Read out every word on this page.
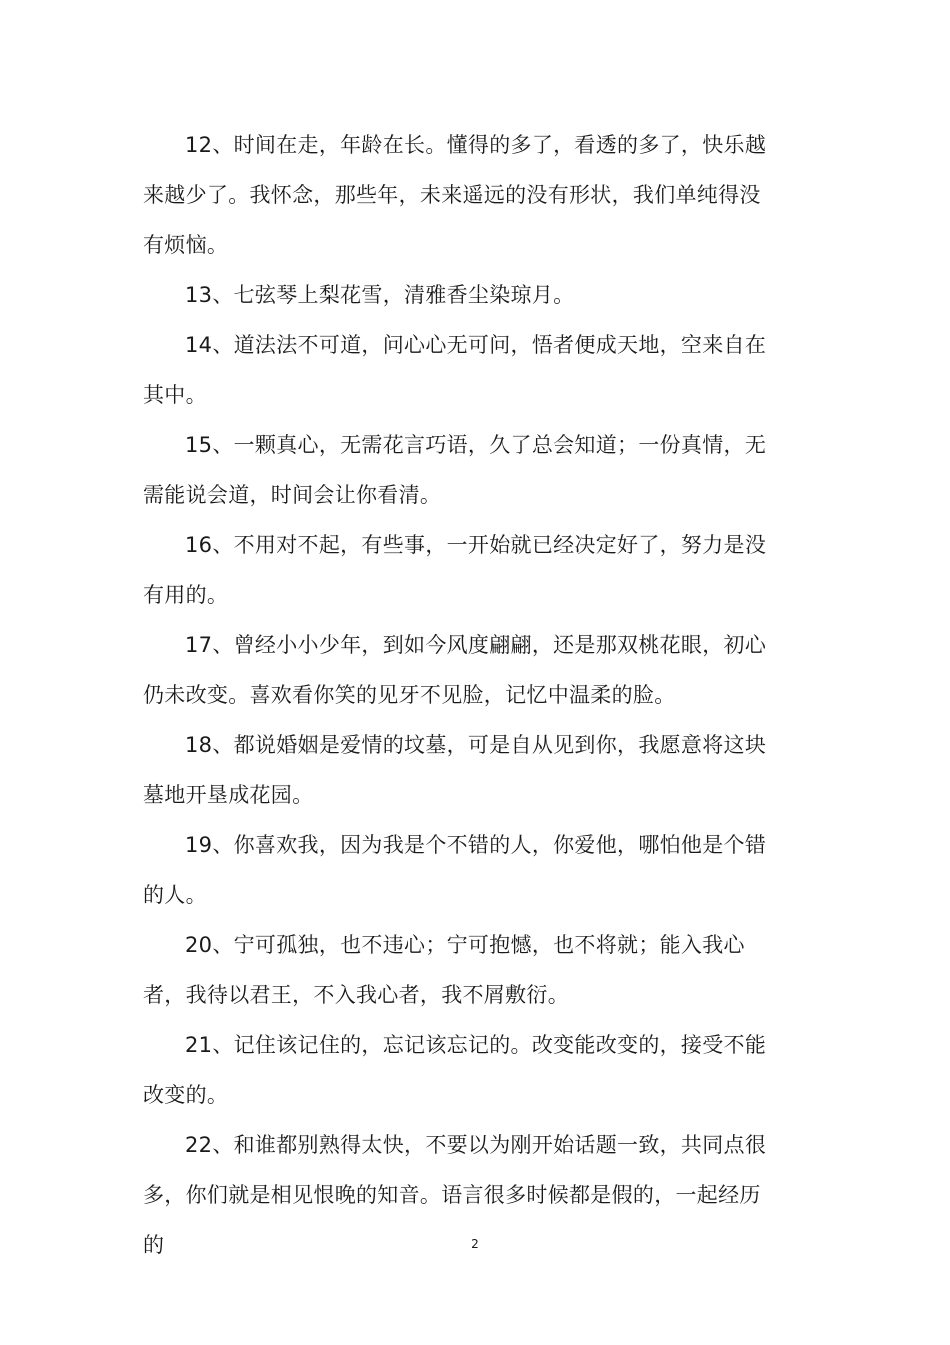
12、时间在走，年龄在长。懂得的多了，看透的多了，快乐越来越少了。我怀念，那些年，未来遥远的没有形状，我们单纯得没有烦恼。

13、七弦琴上梨花雪，清雅香尘染琼月。

14、道法法不可道，问心心无可问，悟者便成天地，空来自在其中。

15、一颗真心，无需花言巧语，久了总会知道；一份真情，无需能说会道，时间会让你看清。

16、不用对不起，有些事，一开始就已经决定好了，努力是没有用的。

17、曾经小小少年，到如今风度翩翩，还是那双桃花眼，初心仍未改变。喜欢看你笑的见牙不见脸，记忆中温柔的脸。

18、都说婚姻是爱情的坟墓，可是自从见到你，我愿意将这块墓地开垦成花园。

19、你喜欢我，因为我是个不错的人，你爱他，哪怕他是个错的人。

20、宁可孤独，也不违心；宁可抱憾，也不将就；能入我心者，我待以君王，不入我心者，我不屑敷衍。

21、记住该记住的，忘记该忘记的。改变能改变的，接受不能改变的。

22、和谁都别熟得太快，不要以为刚开始话题一致，共同点很多，你们就是相见恨晚的知音。语言很多时候都是假的，一起经历的	2
